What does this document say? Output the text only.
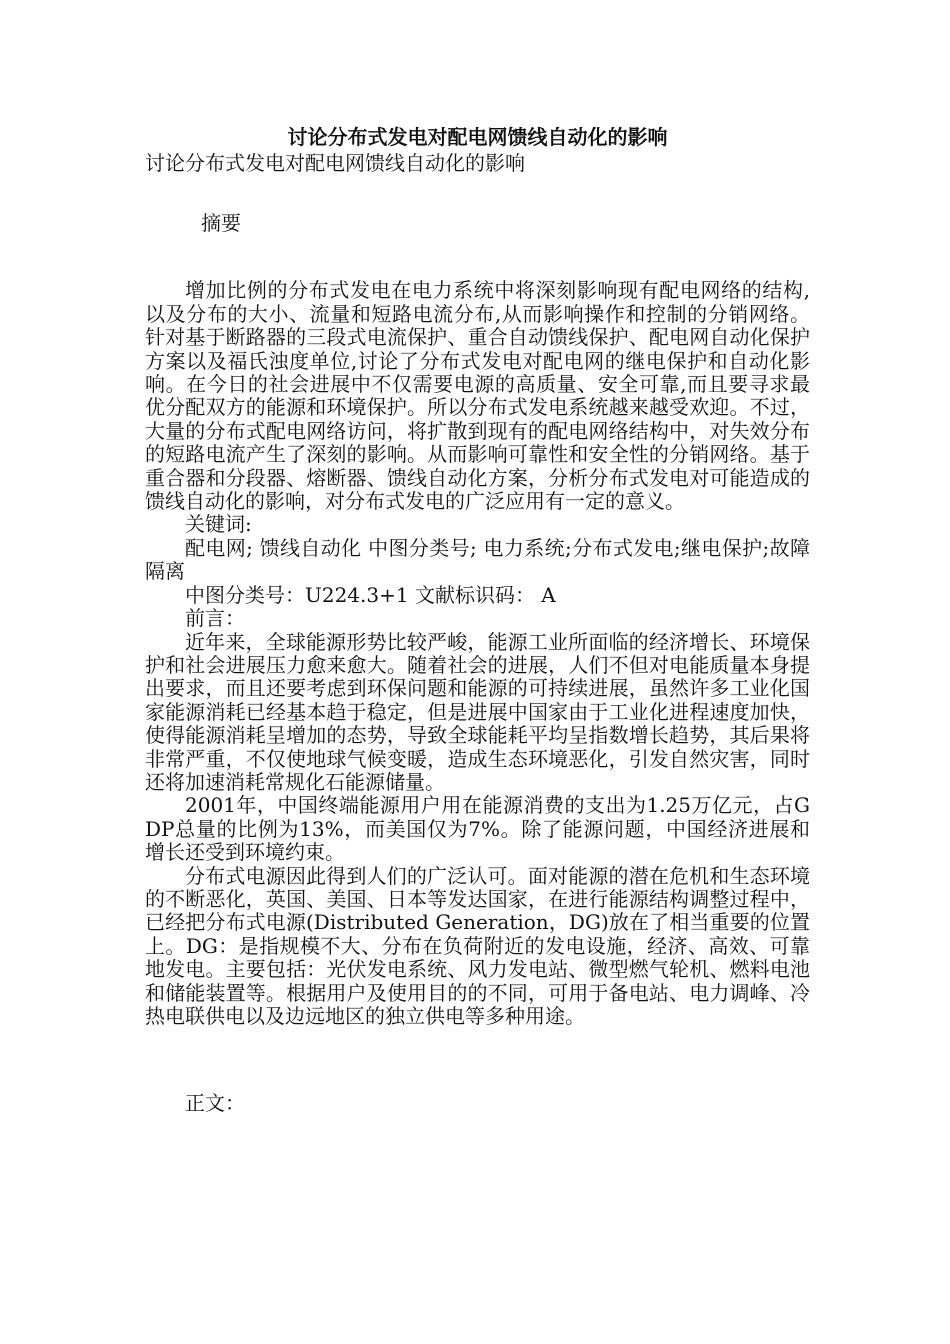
讨论分布式发电对配电网馈线自动化的影响

讨论分布式发电对配电网馈线自动化的影响

摘要

增加比例的分布式发电在电力系统中将深刻影响现有配电网络的结构,以及分布的大小、流量和短路电流分布,从而影响操作和控制的分销网络。针对基于断路器的三段式电流保护、重合自动馈线保护、配电网自动化保护方案以及福氏浊度单位,讨论了分布式发电对配电网的继电保护和自动化影响。在今日的社会进展中不仅需要电源的高质量、安全可靠,而且要寻求最优分配双方的能源和环境保护。所以分布式发电系统越来越受欢迎。不过，大量的分布式配电网络访问，将扩散到现有的配电网络结构中，对失效分布的短路电流产生了深刻的影响。从而影响可靠性和安全性的分销网络。基于重合器和分段器、熔断器、馈线自动化方案，分析分布式发电对可能造成的馈线自动化的影响，对分布式发电的广泛应用有一定的意义。

关键词:

配电网; 馈线自动化 中图分类号; 电力系统;分布式发电;继电保护;故障隔离

中图分类号：U224.3+1 文献标识码： A

前言：

近年来，全球能源形势比较严峻，能源工业所面临的经济增长、环境保护和社会进展压力愈来愈大。随着社会的进展，人们不但对电能质量本身提出要求，而且还要考虑到环保问题和能源的可持续进展，虽然许多工业化国家能源消耗已经基本趋于稳定，但是进展中国家由于工业化进程速度加快，使得能源消耗呈增加的态势，导致全球能耗平均呈指数增长趋势，其后果将非常严重，不仅使地球气候变暖，造成生态环境恶化，引发自然灾害，同时还将加速消耗常规化石能源储量。

2001年，中国终端能源用户用在能源消费的支出为1.25万亿元，占GDP总量的比例为13%，而美国仅为7%。除了能源问题，中国经济进展和增长还受到环境约束。

分布式电源因此得到人们的广泛认可。面对能源的潜在危机和生态环境的不断恶化，英国、美国、日本等发达国家，在进行能源结构调整过程中，已经把分布式电源(Distributed Generation，DG)放在了相当重要的位置上。DG：是指规模不大、分布在负荷附近的发电设施，经济、高效、可靠地发电。主要包括：光伏发电系统、风力发电站、微型燃气轮机、燃料电池和储能装置等。根据用户及使用目的的不同，可用于备电站、电力调峰、冷热电联供电以及边远地区的独立供电等多种用途。

正文：
